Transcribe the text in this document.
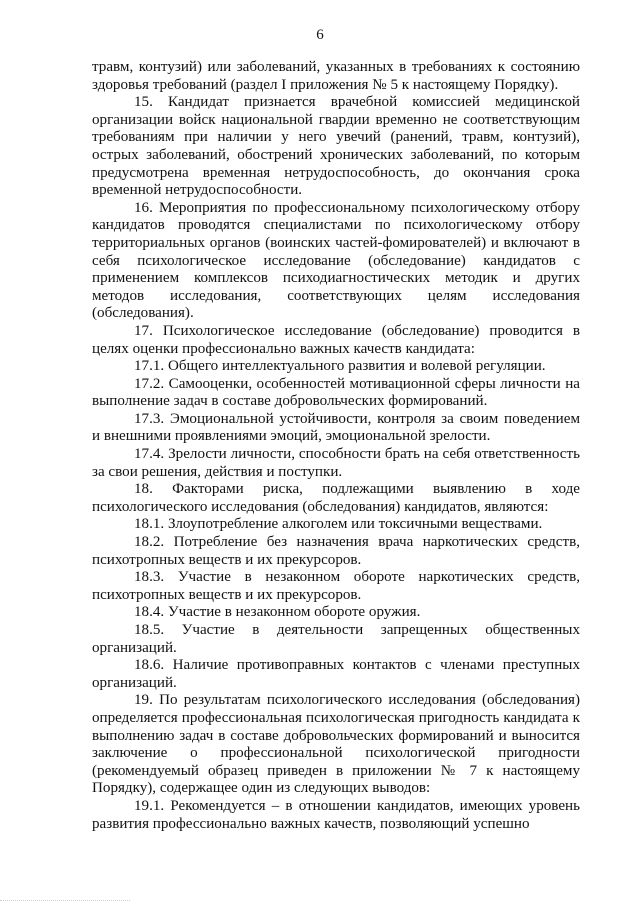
6

травм, контузий) или заболеваний, указанных в требованиях к состоянию здоровья требований (раздел I приложения № 5 к настоящему Порядку).

15. Кандидат признается врачебной комиссией медицинской организации войск национальной гвардии временно не соответствующим требованиям при наличии у него увечий (ранений, травм, контузий), острых заболеваний, обострений хронических заболеваний, по которым предусмотрена временная нетрудоспособность, до окончания срока временной нетрудоспособности.

16. Мероприятия по профессиональному психологическому отбору кандидатов проводятся специалистами по психологическому отбору территориальных органов (воинских частей-фомирователей) и включают в себя психологическое исследование (обследование) кандидатов с применением комплексов психодиагностических методик и других методов исследования, соответствующих целям исследования (обследования).

17. Психологическое исследование (обследование) проводится в целях оценки профессионально важных качеств кандидата:

17.1. Общего интеллектуального развития и волевой регуляции.

17.2. Самооценки, особенностей мотивационной сферы личности на выполнение задач в составе добровольческих формирований.

17.3. Эмоциональной устойчивости, контроля за своим поведением и внешними проявлениями эмоций, эмоциональной зрелости.

17.4. Зрелости личности, способности брать на себя ответственность за свои решения, действия и поступки.

18. Факторами риска, подлежащими выявлению в ходе психологического исследования (обследования) кандидатов, являются:

18.1. Злоупотребление алкоголем или токсичными веществами.

18.2. Потребление без назначения врача наркотических средств, психотропных веществ и их прекурсоров.

18.3. Участие в незаконном обороте наркотических средств, психотропных веществ и их прекурсоров.

18.4. Участие в незаконном обороте оружия.

18.5. Участие в деятельности запрещенных общественных организаций.

18.6. Наличие противоправных контактов с членами преступных организаций.

19. По результатам психологического исследования (обследования) определяется профессиональная психологическая пригодность кандидата к выполнению задач в составе добровольческих формирований и выносится заключение о профессиональной психологической пригодности (рекомендуемый образец приведен в приложении № 7 к настоящему Порядку), содержащее один из следующих выводов:

19.1. Рекомендуется – в отношении кандидатов, имеющих уровень развития профессионально важных качеств, позволяющий успешно
